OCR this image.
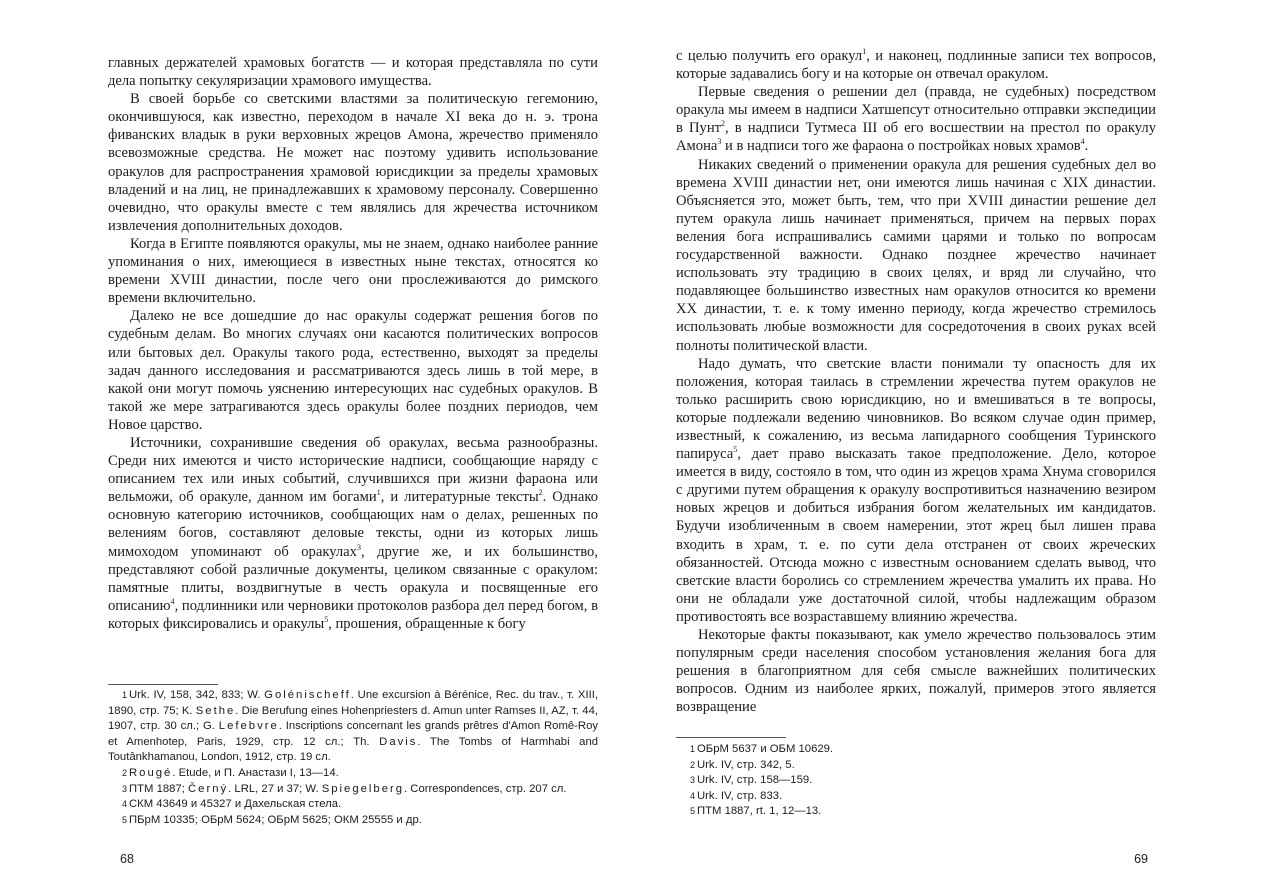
главных держателей храмовых богатств — и которая представляла по сути дела попытку секуляризации храмового имущества.

В своей борьбе со светскими властями за политическую гегемонию, окончившуюся, как известно, переходом в начале XI века до н. э. трона фиванских владык в руки верховных жрецов Амона, жречество применяло всевозможные средства. Не может нас поэтому удивить использование оракулов для распространения храмовой юрисдикции за пределы храмовых владений и на лиц, не принадлежавших к храмовому персоналу. Совершенно очевидно, что оракулы вместе с тем являлись для жречества источником извлечения дополнительных доходов.

Когда в Египте появляются оракулы, мы не знаем, однако наиболее ранние упоминания о них, имеющиеся в известных ныне текстах, относятся ко времени XVIII династии, после чего они прослеживаются до римского времени включительно.

Далеко не все дошедшие до нас оракулы содержат решения богов по судебным делам. Во многих случаях они касаются политических вопросов или бытовых дел. Оракулы такого рода, естественно, выходят за пределы задач данного исследования и рассматриваются здесь лишь в той мере, в какой они могут помочь уяснению интересующих нас судебных оракулов. В такой же мере затрагиваются здесь оракулы более поздних периодов, чем Новое царство.

Источники, сохранившие сведения об оракулах, весьма разнообразны. Среди них имеются и чисто исторические надписи, сообщающие наряду с описанием тех или иных событий, случившихся при жизни фараона или вельможи, об оракуле, данном им богами$^1$, и литературные тексты$^2$. Однако основную категорию источников, сообщающих нам о делах, решенных по велениям богов, составляют деловые тексты, одни из которых лишь мимоходом упоминают об оракулах$^3$, другие же, и их большинство, представляют собой различные документы, целиком связанные с оракулом: памятные плиты, воздвигнутые в честь оракула и посвященные его описанию$^4$, подлинники или черновики протоколов разбора дел перед богом, в которых фиксировались и оракулы$^5$, прошения, обращенные к богу

1 Urk. IV, 158, 342, 833; W. Golénischeff. Une excursion à Bérénice, Rec. du trav., т. XIII, 1890, стр. 75; K. Sethe. Die Berufung eines Hohenpriesters d. Amun unter Ramses II, AZ, т. 44, 1907, стр. 30 сл.; G. Lefebvre. Inscriptions concernant les grands prêtres d'Amon Romê-Roy et Amenhotep, Paris, 1929, стр. 12 сл.; Th. Davis. The Tombs of Harmhabi and Toutânkhamanou, London, 1912, стр. 19 сл.

2 Rougé. Etude, и П. Анастази I, 13—14.

3 ПТМ 1887; Černý. LRL, 27 и 37; W. Spiegelberg. Correspondences, стр. 207 сл.

4 СКМ 43649 и 45327 и Дахельская стела.

5 ПБрМ 10335; ОБрМ 5624; ОБрМ 5625; ОКМ 25555 и др.

68

с целью получить его оракул$^1$, и наконец, подлинные записи тех вопросов, которые задавались богу и на которые он отвечал оракулом.

Первые сведения о решении дел (правда, не судебных) посредством оракула мы имеем в надписи Хатшепсут относительно отправки экспедиции в Пунт$^2$, в надписи Тутмеса III об его восшествии на престол по оракулу Амона$^3$ и в надписи того же фараона о постройках новых храмов$^4$.

Никаких сведений о применении оракула для решения судебных дел во времена XVIII династии нет, они имеются лишь начиная с XIX династии. Объясняется это, может быть, тем, что при XVIII династии решение дел путем оракула лишь начинает применяться, причем на первых порах веления бога испрашивались самими царями и только по вопросам государственной важности. Однако позднее жречество начинает использовать эту традицию в своих целях, и вряд ли случайно, что подавляющее большинство известных нам оракулов относится ко времени XX династии, т. е. к тому именно периоду, когда жречество стремилось использовать любые возможности для сосредоточения в своих руках всей полноты политической власти.

Надо думать, что светские власти понимали ту опасность для их положения, которая таилась в стремлении жречества путем оракулов не только расширить свою юрисдикцию, но и вмешиваться в те вопросы, которые подлежали ведению чиновников. Во всяком случае один пример, известный, к сожалению, из весьма лапидарного сообщения Туринского папируса$^5$, дает право высказать такое предположение. Дело, которое имеется в виду, состояло в том, что один из жрецов храма Хнума сговорился с другими путем обращения к оракулу воспротивиться назначению везиром новых жрецов и добиться избрания богом желательных им кандидатов. Будучи изобличенным в своем намерении, этот жрец был лишен права входить в храм, т. е. по сути дела отстранен от своих жреческих обязанностей. Отсюда можно с известным основанием сделать вывод, что светские власти боролись со стремлением жречества умалить их права. Но они не обладали уже достаточной силой, чтобы надлежащим образом противостоять все возраставшему влиянию жречества.

Некоторые факты показывают, как умело жречество пользовалось этим популярным среди населения способом установления желания бога для решения в благоприятном для себя смысле важнейших политических вопросов. Одним из наиболее ярких, пожалуй, примеров этого является возвращение

1 ОБрМ 5637 и ОБМ 10629.

2 Urk. IV, стр. 342, 5.

3 Urk. IV, стр. 158—159.

4 Urk. IV, стр. 833.

5 ПТМ 1887, rt. 1, 12—13.

69
